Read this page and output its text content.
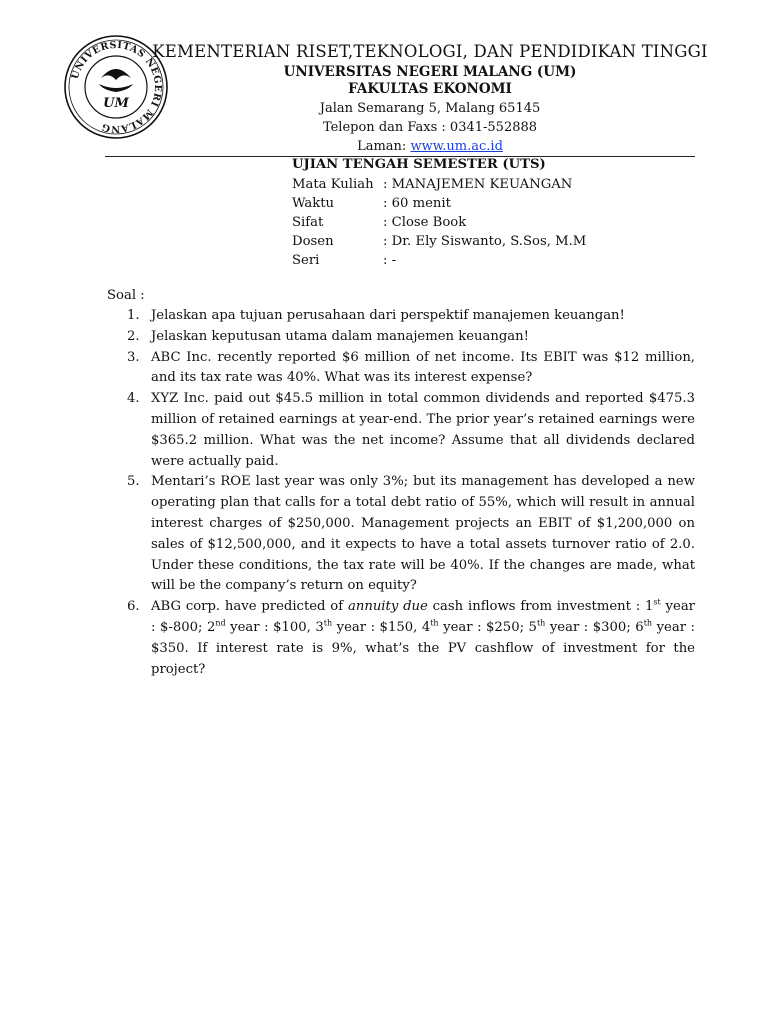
UNIVERSITAS NEGERI MALANG
UM
KEMENTERIAN RISET,TEKNOLOGI, DAN PENDIDIKAN TINGGI
UNIVERSITAS NEGERI MALANG (UM)
FAKULTAS EKONOMI
Jalan Semarang 5, Malang 65145
Telepon dan Faxs : 0341-552888
Laman: www.um.ac.id
UJIAN TENGAH SEMESTER (UTS)
Mata Kuliah : MANAJEMEN KEUANGAN
Waktu	: 60 menit
Sifat	: Close Book
Dosen	: Dr. Ely Siswanto, S.Sos, M.M
Seri	: -
Soal :
1. Jelaskan apa tujuan perusahaan dari perspektif manajemen keuangan!
2. Jelaskan keputusan utama dalam manajemen keuangan!
3. ABC Inc. recently reported $6 million of net income. Its EBIT was $12 million, and its tax rate was 40%. What was its interest expense?
4. XYZ Inc. paid out $45.5 million in total common dividends and reported $475.3 million of retained earnings at year-end. The prior year’s retained earnings were $365.2 million. What was the net income? Assume that all dividends declared were actually paid.
5. Mentari’s ROE last year was only 3%; but its management has developed a new operating plan that calls for a total debt ratio of 55%, which will result in annual interest charges of $250,000. Management projects an EBIT of $1,200,000 on sales of $12,500,000, and it expects to have a total assets turnover ratio of 2.0. Under these conditions, the tax rate will be 40%. If the changes are made, what will be the company’s return on equity?
6. ABG corp. have predicted of annuity due cash inflows from investment : 1st year : $-800; 2nd year : $100, 3th year : $150, 4th year : $250; 5th year : $300; 6th year : $350. If interest rate is 9%, what’s the PV cashflow of investment for the project?
